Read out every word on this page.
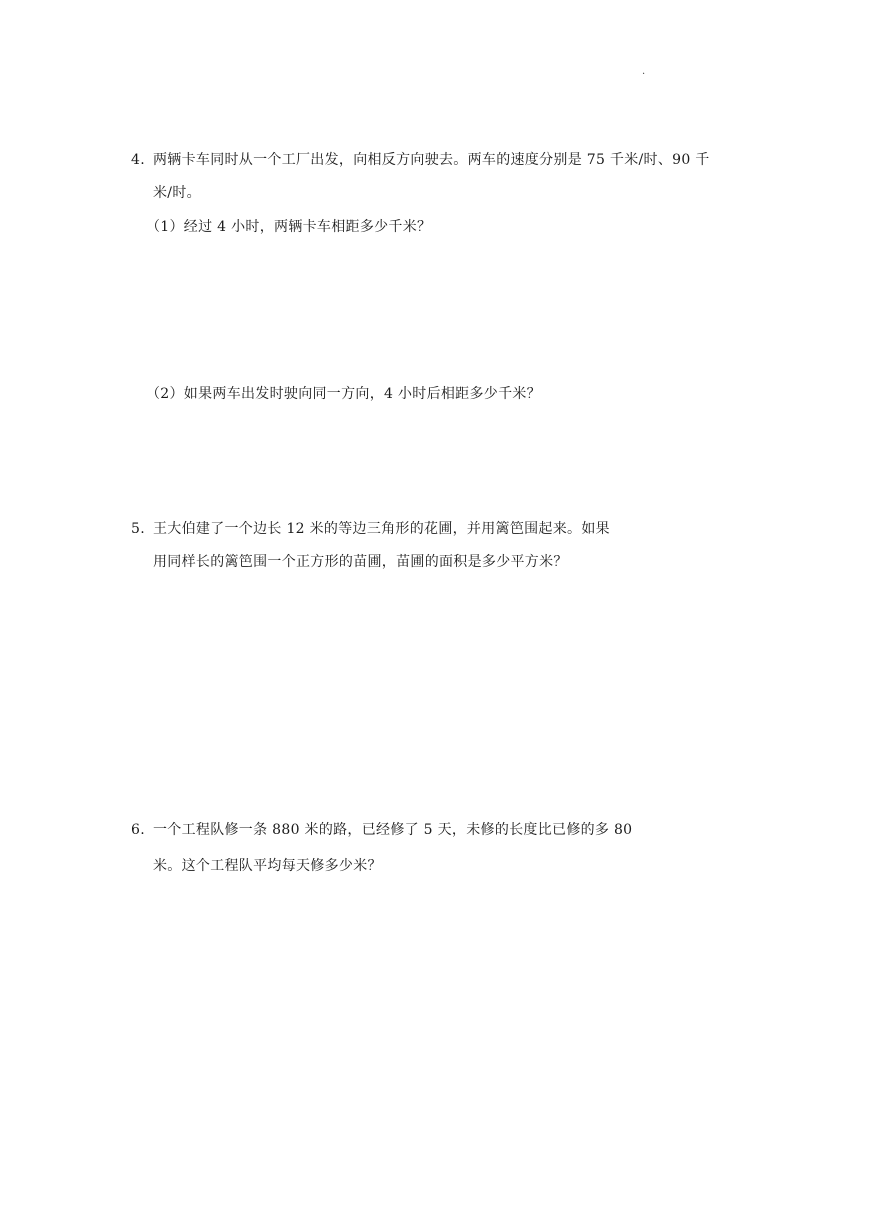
.
4. 两辆卡车同时从一个工厂出发，向相反方向驶去。两车的速度分别是 75 千米/时、90 千
米/时。
（1）经过 4 小时，两辆卡车相距多少千米？
（2）如果两车出发时驶向同一方向，4 小时后相距多少千米？
5. 王大伯建了一个边长 12 米的等边三角形的花圃，并用篱笆围起来。如果
用同样长的篱笆围一个正方形的苗圃，苗圃的面积是多少平方米？
6. 一个工程队修一条 880 米的路，已经修了 5 天，未修的长度比已修的多 80
米。这个工程队平均每天修多少米？
